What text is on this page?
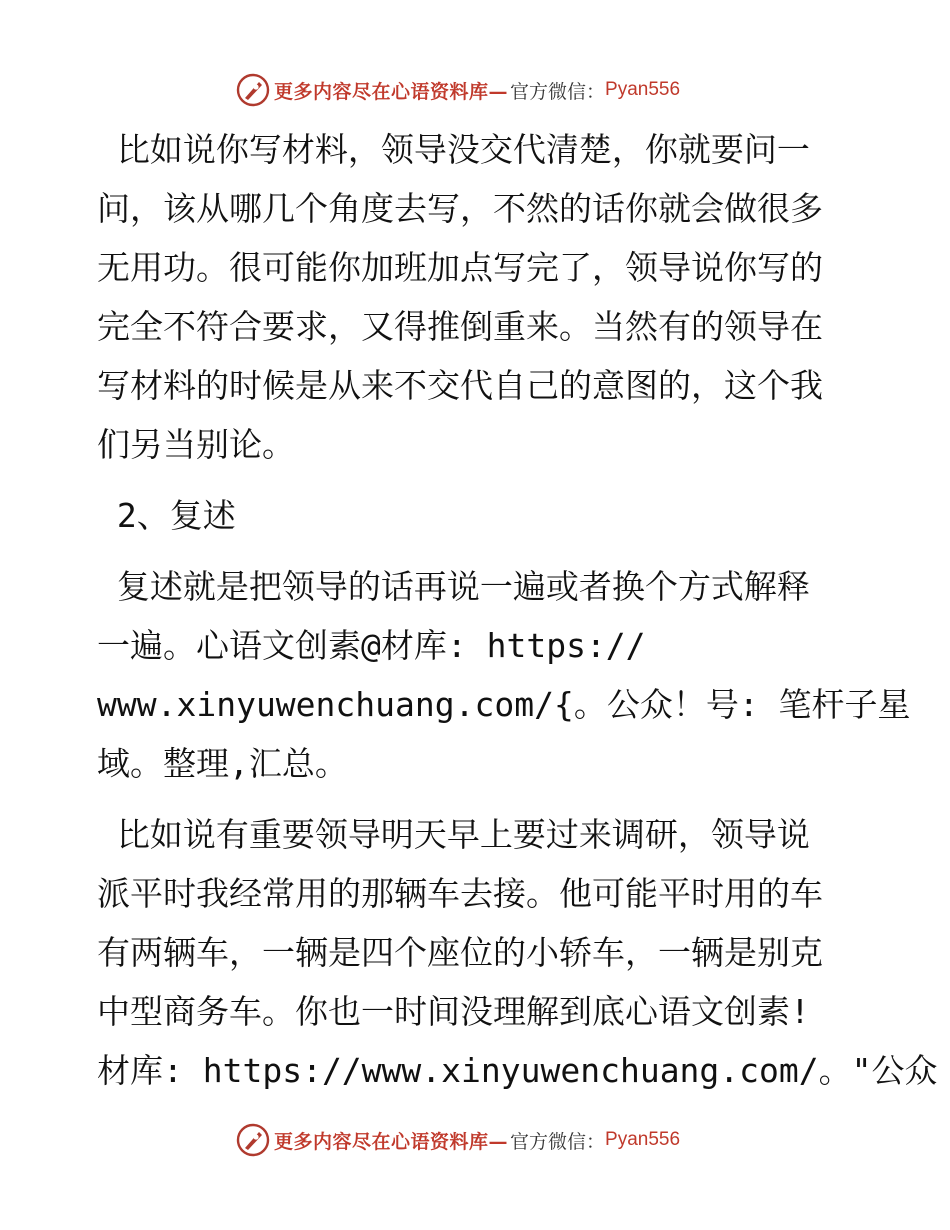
更多内容尽在心语资料库— 官方微信： Pyan556

比如说你写材料，领导没交代清楚，你就要问一

问，该从哪几个角度去写，不然的话你就会做很多

无用功。很可能你加班加点写完了，领导说你写的

完全不符合要求，又得推倒重来。当然有的领导在

写材料的时候是从来不交代自己的意图的，这个我

们另当别论。

2、复述

复述就是把领导的话再说一遍或者换个方式解释

一遍。心语文创素@材库: https://

www.xinyuwenchuang.com/{。公众！号: 笔杆子星

域。整理,汇总。

比如说有重要领导明天早上要过来调研，领导说

派平时我经常用的那辆车去接。他可能平时用的车

有两辆车，一辆是四个座位的小轿车，一辆是别克

中型商务车。你也一时间没理解到底心语文创素!

材库: https://www.xinyuwenchuang.com/。"公众

更多内容尽在心语资料库— 官方微信： Pyan556
